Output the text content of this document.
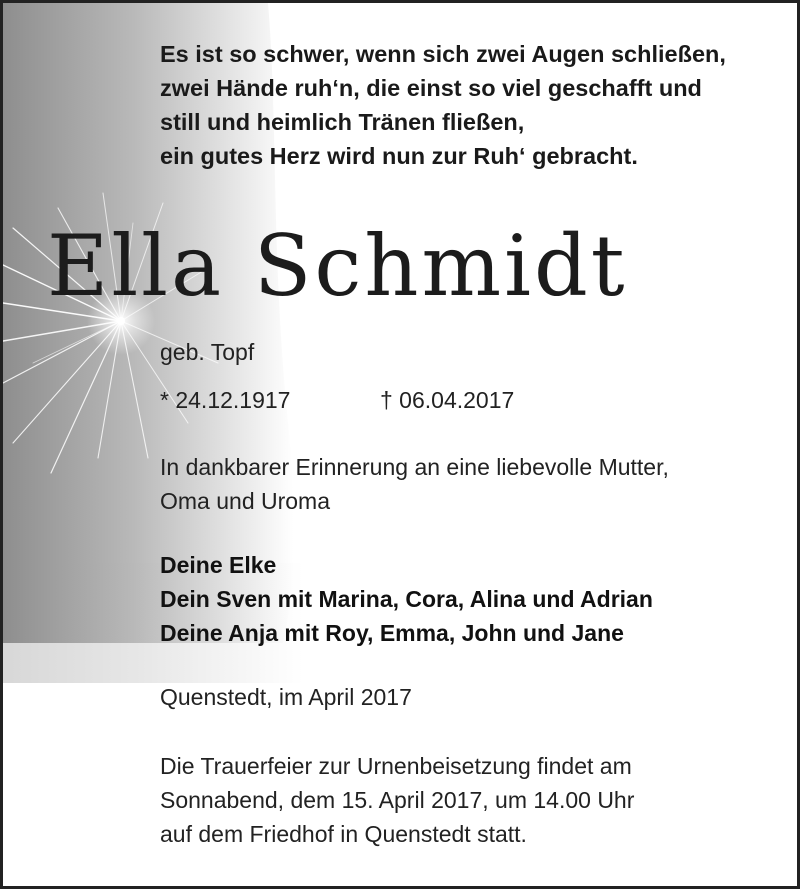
Es ist so schwer, wenn sich zwei Augen schließen,
zwei Hände ruh‘n, die einst so viel geschafft und
still und heimlich Tränen fließen,
ein gutes Herz wird nun zur Ruh‘ gebracht.
Ella Schmidt
geb. Topf
* 24.12.1917	† 06.04.2017
In dankbarer Erinnerung an eine liebevolle Mutter,
Oma und Uroma
Deine Elke
Dein Sven mit Marina, Cora, Alina und Adrian
Deine Anja mit Roy, Emma, John und Jane
Quenstedt, im April 2017
Die Trauerfeier zur Urnenbeisetzung findet am
Sonnabend, dem 15. April 2017, um 14.00 Uhr
auf dem Friedhof in Quenstedt statt.
